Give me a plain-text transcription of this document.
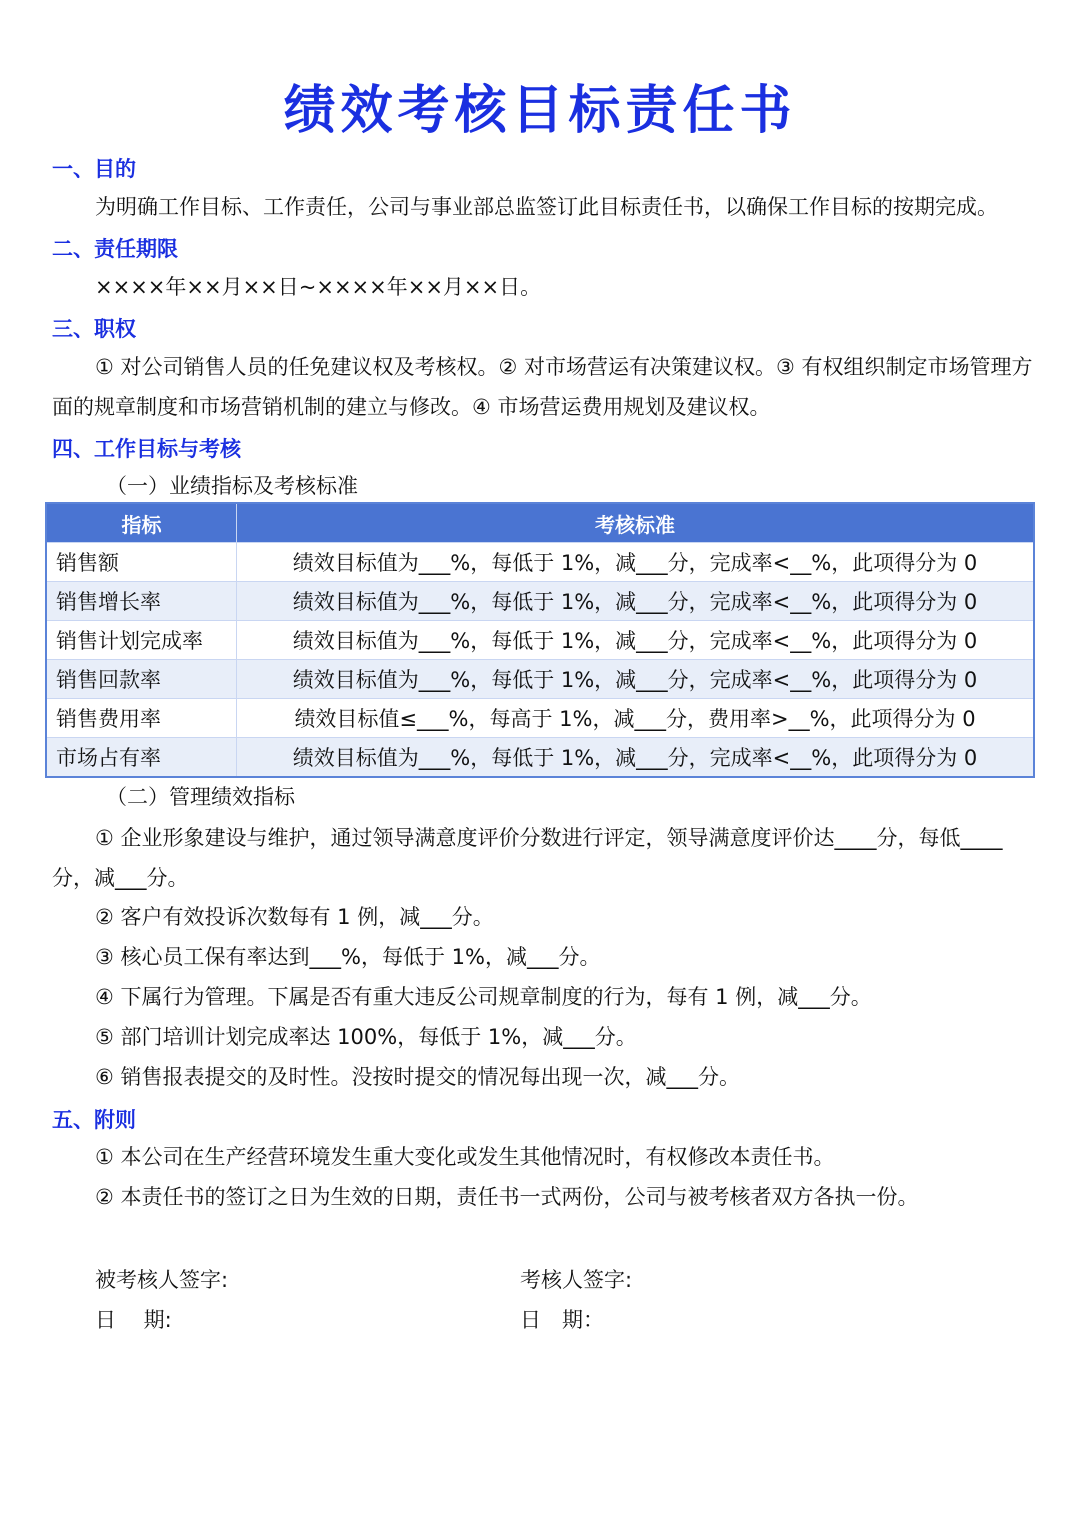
绩效考核目标责任书
一、目的
为明确工作目标、工作责任，公司与事业部总监签订此目标责任书，以确保工作目标的按期完成。
二、责任期限
××××年××月××日~××××年××月××日。
三、职权
① 对公司销售人员的任免建议权及考核权。② 对市场营运有决策建议权。③ 有权组织制定市场管理方面的规章制度和市场营销机制的建立与修改。④ 市场营运费用规划及建议权。
四、工作目标与考核
（一）业绩指标及考核标准
指标	考核标准
销售额	绩效目标值为___%，每低于 1%，减___分，完成率<__%，此项得分为 0
销售增长率	绩效目标值为___%，每低于 1%，减___分，完成率<__%，此项得分为 0
销售计划完成率	绩效目标值为___%，每低于 1%，减___分，完成率<__%，此项得分为 0
销售回款率	绩效目标值为___%，每低于 1%，减___分，完成率<__%，此项得分为 0
销售费用率	绩效目标值≤___%，每高于 1%，减___分，费用率>__%，此项得分为 0
市场占有率	绩效目标值为___%，每低于 1%，减___分，完成率<__%，此项得分为 0
（二）管理绩效指标
① 企业形象建设与维护，通过领导满意度评价分数进行评定，领导满意度评价达____分，每低____分，减___分。
② 客户有效投诉次数每有 1 例，减___分。
③ 核心员工保有率达到___%，每低于 1%，减___分。
④ 下属行为管理。下属是否有重大违反公司规章制度的行为，每有 1 例，减___分。
⑤ 部门培训计划完成率达 100%，每低于 1%，减___分。
⑥ 销售报表提交的及时性。没按时提交的情况每出现一次，减___分。
五、附则
① 本公司在生产经营环境发生重大变化或发生其他情况时，有权修改本责任书。
② 本责任书的签订之日为生效的日期，责任书一式两份，公司与被考核者双方各执一份。
被考核人签字:
日　 期:
考核人签字:
日　期：
